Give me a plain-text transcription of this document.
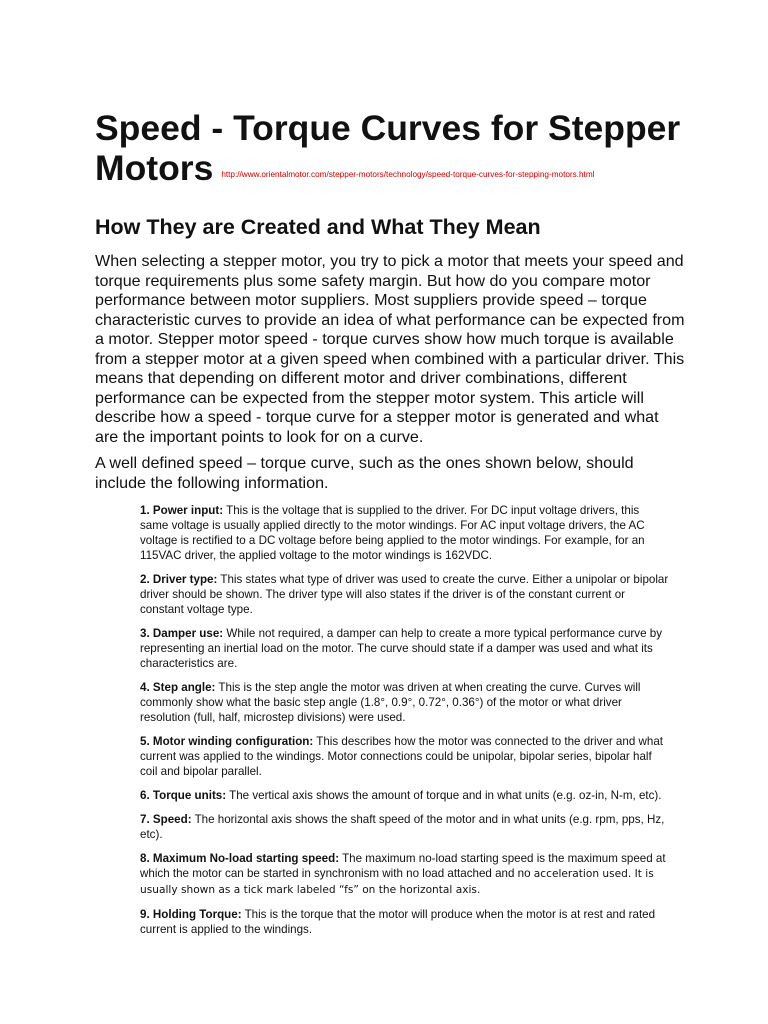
Speed - Torque Curves for Stepper Motors http://www.orientalmotor.com/stepper-motors/technology/speed-torque-curves-for-stepping-motors.html
How They are Created and What They Mean

When selecting a stepper motor, you try to pick a motor that meets your speed and torque requirements plus some safety margin. But how do you compare motor performance between motor suppliers. Most suppliers provide speed – torque characteristic curves to provide an idea of what performance can be expected from a motor. Stepper motor speed - torque curves show how much torque is available from a stepper motor at a given speed when combined with a particular driver. This means that depending on different motor and driver combinations, different performance can be expected from the stepper motor system. This article will describe how a speed - torque curve for a stepper motor is generated and what are the important points to look for on a curve.

A well defined speed – torque curve, such as the ones shown below, should include the following information.

1. Power input: This is the voltage that is supplied to the driver. For DC input voltage drivers, this same voltage is usually applied directly to the motor windings. For AC input voltage drivers, the AC voltage is rectified to a DC voltage before being applied to the motor windings. For example, for an 115VAC driver, the applied voltage to the motor windings is 162VDC.
2. Driver type: This states what type of driver was used to create the curve. Either a unipolar or bipolar driver should be shown. The driver type will also states if the driver is of the constant current or constant voltage type.
3. Damper use: While not required, a damper can help to create a more typical performance curve by representing an inertial load on the motor. The curve should state if a damper was used and what its characteristics are.
4. Step angle: This is the step angle the motor was driven at when creating the curve. Curves will commonly show what the basic step angle (1.8°, 0.9°, 0.72°, 0.36°) of the motor or what driver resolution (full, half, microstep divisions) were used.
5. Motor winding configuration: This describes how the motor was connected to the driver and what current was applied to the windings. Motor connections could be unipolar, bipolar series, bipolar half coil and bipolar parallel.
6. Torque units: The vertical axis shows the amount of torque and in what units (e.g. oz-in, N-m, etc).
7. Speed: The horizontal axis shows the shaft speed of the motor and in what units (e.g. rpm, pps, Hz, etc).
8. Maximum No-load starting speed: The maximum no-load starting speed is the maximum speed at which the motor can be started in synchronism with no load attached and no acceleration used. It is usually shown as a tick mark labeled “fs” on the horizontal axis.
9. Holding Torque: This is the torque that the motor will produce when the motor is at rest and rated current is applied to the windings.
